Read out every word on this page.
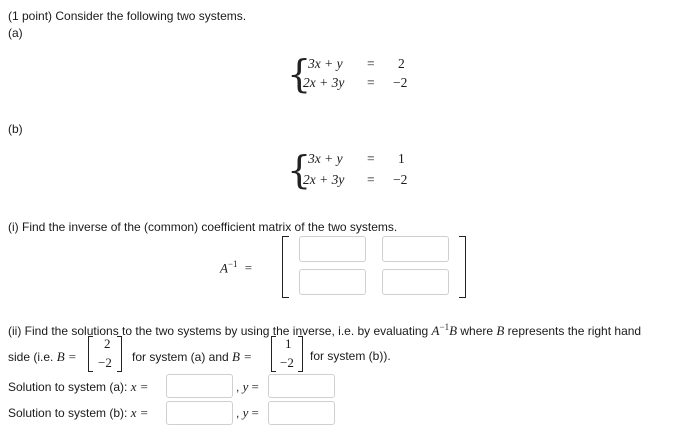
(1 point) Consider the following two systems.
(a)
{
3x + y = 2
2x + 3y = −2
(b)
{
3x + y = 1
2x + 3y = −2
(i) Find the inverse of the (common) coefficient matrix of the two systems.
$A^{-1}$ =
(ii) Find the solutions to the two systems by using the inverse, i.e. by evaluating $A^{-1}B$ where B represents the right hand
side (i.e. B =
2
−2 for system (a) and B =
1
−2 for system (b)).
Solution to system (a): x =	, y =
Solution to system (b): x =	, y =
